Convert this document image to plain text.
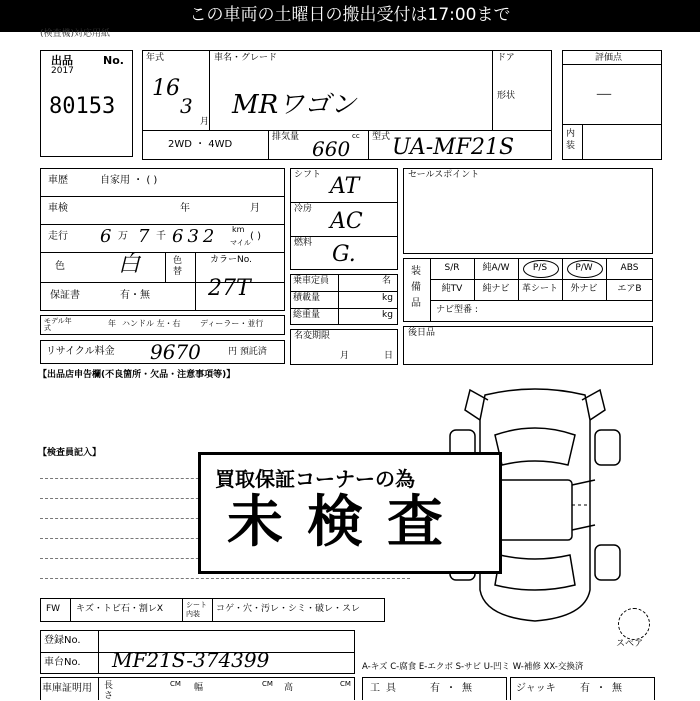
この車両の土曜日の搬出受付は17:00まで
(検査機)対応用紙
出品	No.
2017
80153
年式
16
3
月
車名・グレード
MRワゴン
ドア
形状
2WD ・ 4WD
排気量 660
cc 型式 UA-MF21S
評価点
—
内装
車歴	自家用 ・ ( )
車検	年	月
走行 6 万 7 千 632 km
マイル
( )
色 白	色替
カラーNo.
27T
保証書	有・無
モデル年式	年 ハンドル 左・右 ディーラー・並行
リサイクル料金 9670	円 預託済
シフト AT
冷房 AC
燃料 G.
乗車定員	名
積載量	kg
総重量	kg
名変期限
月	日
セールスポイント
装備品
S/R	純A/W	P/S	P/W	ABS
純TV	純ナビ	革シート	外ナビ	エアB
ナビ型番 :
後日品
【出品店申告欄(不良箇所・欠品・注意事項等)】
【検査員記入】
スペア
買取保証コーナーの為
未検査
FW キズ・トビ石・割レX	シート内装	コゲ・穴・汚レ・シミ・破レ・スレ
登録No.
車台No. MF21S-374399
車庫証明用 長さ
CM 幅	CM 高	CM
A-キズ C-腐食 E-エクボ S-サビ U-凹ミ W-補修 XX-交換済
工具	有・無	ジャッキ 有・無
